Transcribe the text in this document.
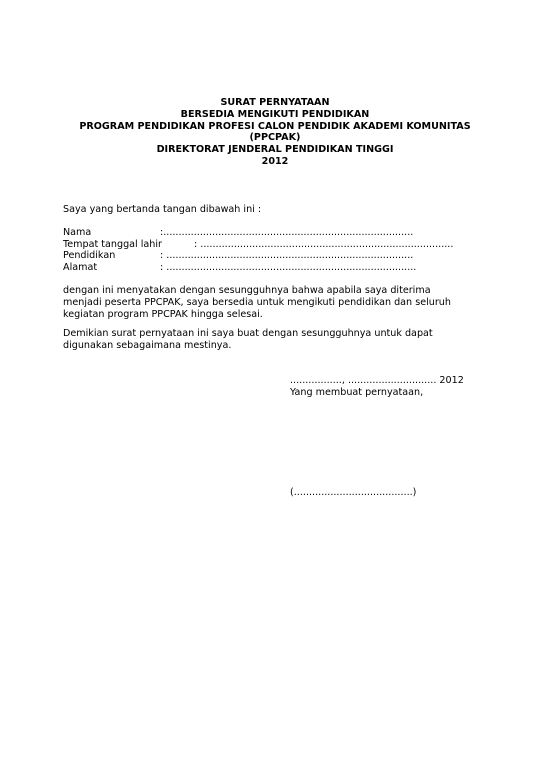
SURAT PERNYATAAN
BERSEDIA MENGIKUTI PENDIDIKAN
PROGRAM PENDIDIKAN PROFESI CALON PENDIDIK AKADEMI KOMUNITAS
(PPCPAK)
DIREKTORAT JENDERAL PENDIDIKAN TINGGI
2012
Saya yang bertanda tangan dibawah ini :
Nama	:..................................................................................
Tempat tanggal lahir	: ...................................................................................
Pendidikan	: .................................................................................
Alamat	: ..................................................................................
dengan ini menyatakan dengan sesungguhnya bahwa apabila saya diterima
menjadi peserta PPCPAK, saya bersedia untuk mengikuti pendidikan dan seluruh
kegiatan program PPCPAK hingga selesai.
Demikian surat pernyataan ini saya buat dengan sesungguhnya untuk dapat
digunakan sebagaimana mestinya.
................., ............................. 2012
Yang membuat pernyataan,
(.......................................)
